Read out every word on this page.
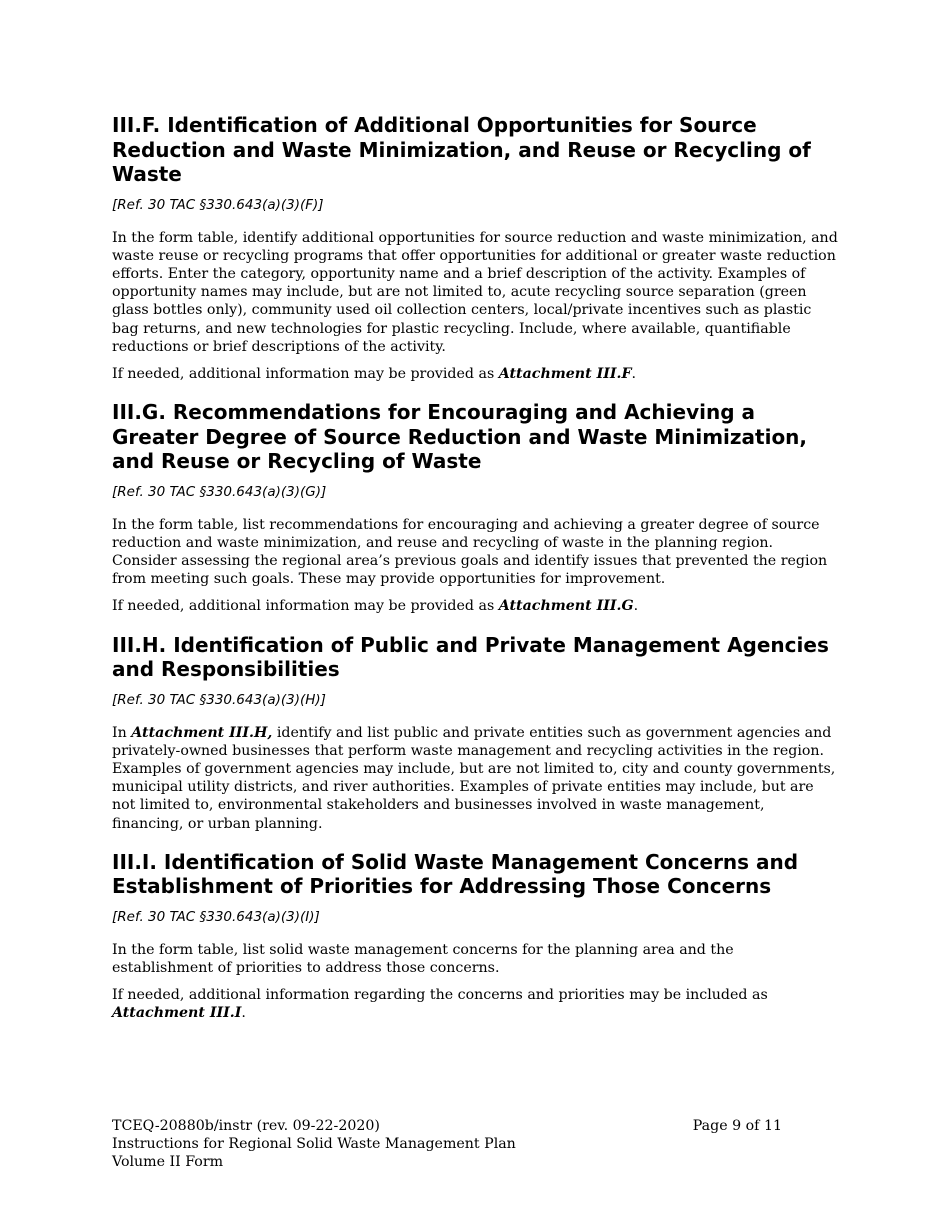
III.F. Identification of Additional Opportunities for Source Reduction and Waste Minimization, and Reuse or Recycling of Waste
[Ref. 30 TAC §330.643(a)(3)(F)]

In the form table, identify additional opportunities for source reduction and waste minimization, and waste reuse or recycling programs that offer opportunities for additional or greater waste reduction efforts. Enter the category, opportunity name and a brief description of the activity. Examples of opportunity names may include, but are not limited to, acute recycling source separation (green glass bottles only), community used oil collection centers, local/private incentives such as plastic bag returns, and new technologies for plastic recycling. Include, where available, quantifiable reductions or brief descriptions of the activity.

If needed, additional information may be provided as Attachment III.F.

III.G. Recommendations for Encouraging and Achieving a Greater Degree of Source Reduction and Waste Minimization, and Reuse or Recycling of Waste
[Ref. 30 TAC §330.643(a)(3)(G)]

In the form table, list recommendations for encouraging and achieving a greater degree of source reduction and waste minimization, and reuse and recycling of waste in the planning region. Consider assessing the regional area’s previous goals and identify issues that prevented the region from meeting such goals. These may provide opportunities for improvement.

If needed, additional information may be provided as Attachment III.G.

III.H. Identification of Public and Private Management Agencies and Responsibilities
[Ref. 30 TAC §330.643(a)(3)(H)]

In Attachment III.H, identify and list public and private entities such as government agencies and privately-owned businesses that perform waste management and recycling activities in the region. Examples of government agencies may include, but are not limited to, city and county governments, municipal utility districts, and river authorities. Examples of private entities may include, but are not limited to, environmental stakeholders and businesses involved in waste management, financing, or urban planning.

III.I. Identification of Solid Waste Management Concerns and Establishment of Priorities for Addressing Those Concerns
[Ref. 30 TAC §330.643(a)(3)(I)]

In the form table, list solid waste management concerns for the planning area and the establishment of priorities to address those concerns.

If needed, additional information regarding the concerns and priorities may be included as Attachment III.I.

TCEQ-20880b/instr (rev. 09-22-2020)
Instructions for Regional Solid Waste Management Plan
Volume II Form
Page 9 of 11
